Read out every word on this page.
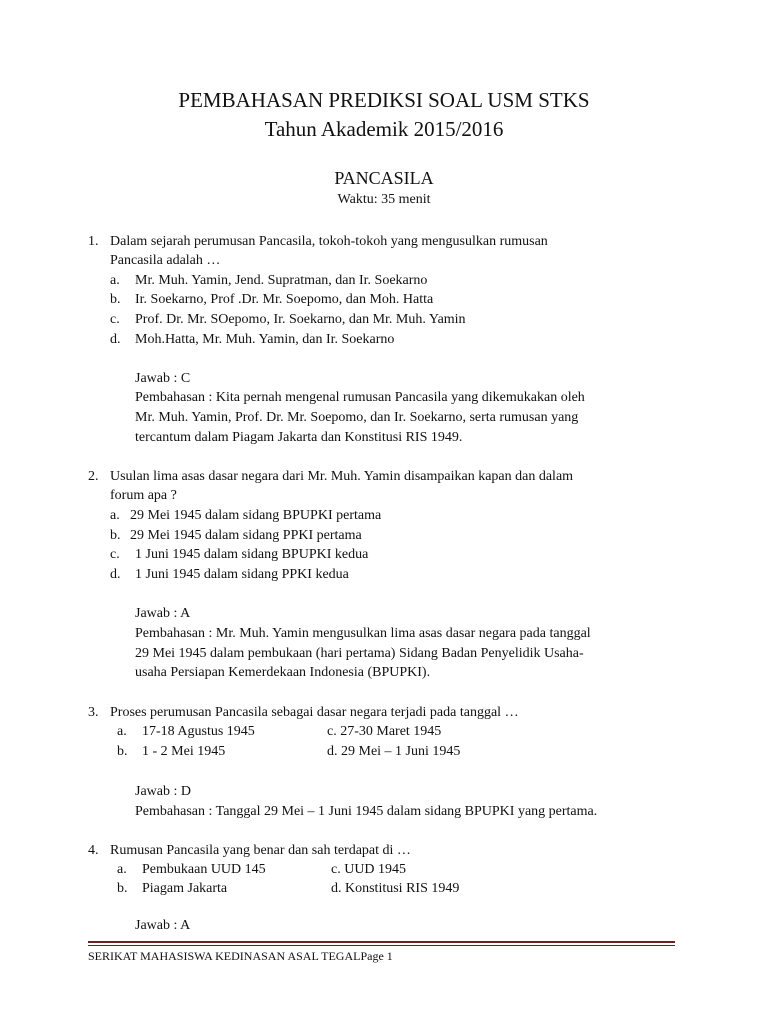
PEMBAHASAN PREDIKSI SOAL USM STKS
Tahun Akademik 2015/2016
PANCASILA
Waktu: 35 menit
1. Dalam sejarah perumusan Pancasila, tokoh-tokoh yang mengusulkan rumusan
Pancasila adalah …
a. Mr. Muh. Yamin, Jend. Supratman, dan Ir. Soekarno
b. Ir. Soekarno, Prof .Dr. Mr. Soepomo, dan Moh. Hatta
c. Prof. Dr. Mr. SOepomo, Ir. Soekarno, dan Mr. Muh. Yamin
d. Moh.Hatta, Mr. Muh. Yamin, dan Ir. Soekarno
Jawab : C
Pembahasan : Kita pernah mengenal rumusan Pancasila yang dikemukakan oleh
Mr. Muh. Yamin, Prof. Dr. Mr. Soepomo, dan Ir. Soekarno, serta rumusan yang
tercantum dalam Piagam Jakarta dan Konstitusi RIS 1949.
2. Usulan lima asas dasar negara dari Mr. Muh. Yamin disampaikan kapan dan dalam
forum apa ?
a. 29 Mei 1945 dalam sidang BPUPKI pertama
b. 29 Mei 1945 dalam sidang PPKI pertama
c. 1 Juni 1945 dalam sidang BPUPKI kedua
d. 1 Juni 1945 dalam sidang PPKI kedua
Jawab : A
Pembahasan : Mr. Muh. Yamin mengusulkan lima asas dasar negara pada tanggal
29 Mei 1945 dalam pembukaan (hari pertama) Sidang Badan Penyelidik Usaha-
usaha Persiapan Kemerdekaan Indonesia (BPUPKI).
3. Proses perumusan Pancasila sebagai dasar negara terjadi pada tanggal …
a. 17-18 Agustus 1945	c. 27-30 Maret 1945
b. 1 - 2 Mei 1945	d. 29 Mei – 1 Juni 1945
Jawab : D
Pembahasan : Tanggal 29 Mei – 1 Juni 1945 dalam sidang BPUPKI yang pertama.
4. Rumusan Pancasila yang benar dan sah terdapat di …
a. Pembukaan UUD 145	c. UUD 1945
b. Piagam Jakarta	d. Konstitusi RIS 1949
Jawab : A
SERIKAT MAHASISWA KEDINASAN ASAL TEGALPage 1
